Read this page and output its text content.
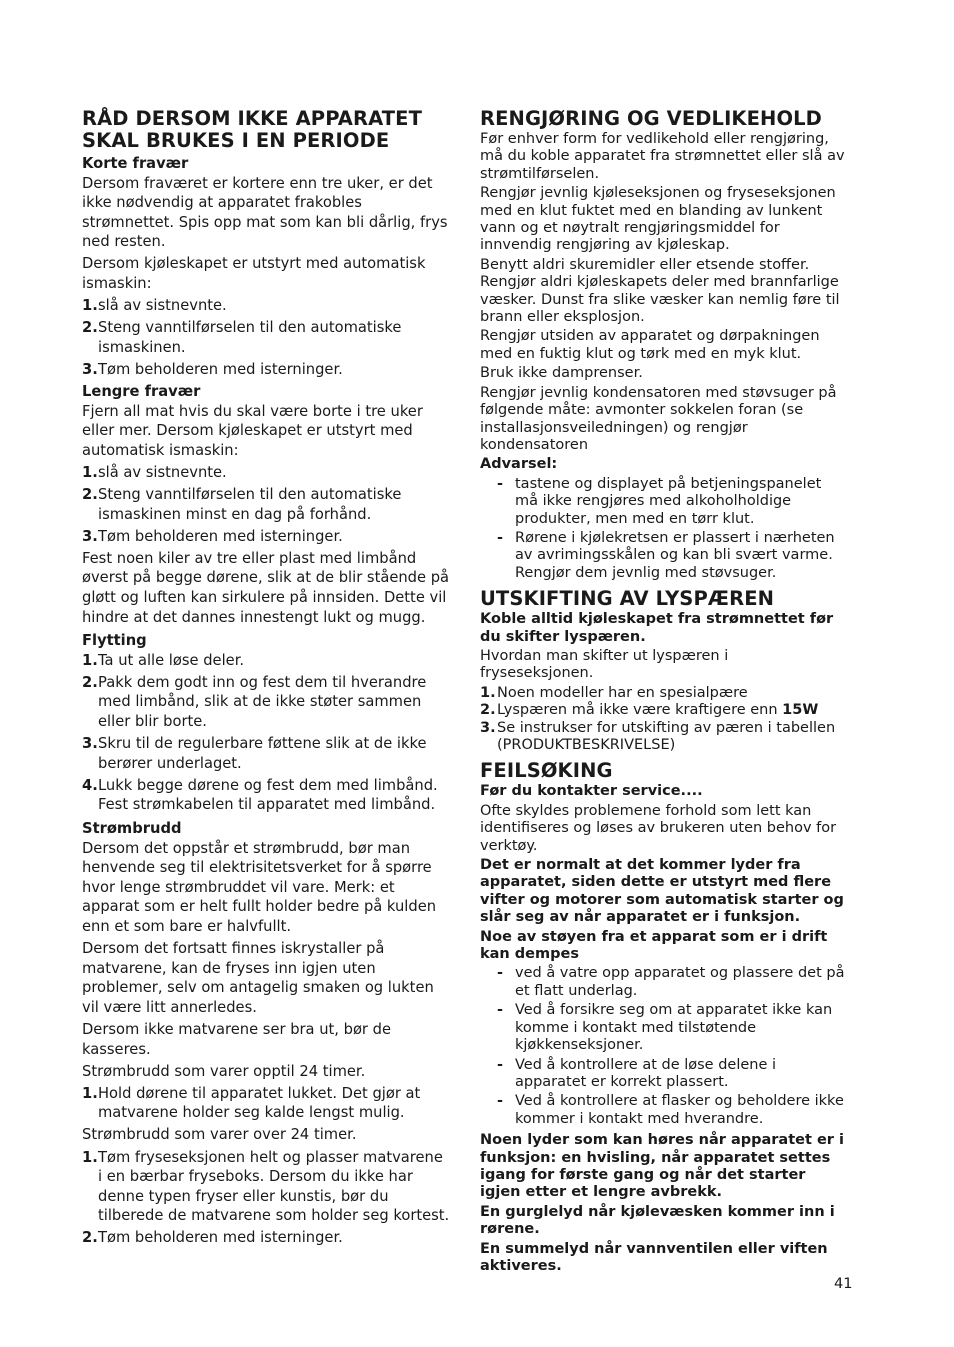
RÅD DERSOM IKKE APPARATET SKAL BRUKES I EN PERIODE

Korte fravær

Dersom fraværet er kortere enn tre uker, er det ikke nødvendig at apparatet frakobles strømnettet. Spis opp mat som kan bli dårlig, frys ned resten.

Dersom kjøleskapet er utstyrt med automatisk ismaskin:

1. slå av sistnevnte.
2. Steng vanntilførselen til den automatiske ismaskinen.
3. Tøm beholderen med isterninger.

Lengre fravær

Fjern all mat hvis du skal være borte i tre uker eller mer. Dersom kjøleskapet er utstyrt med automatisk ismaskin:

1. slå av sistnevnte.
2. Steng vanntilførselen til den automatiske ismaskinen minst en dag på forhånd.
3. Tøm beholderen med isterninger.

Fest noen kiler av tre eller plast med limbånd øverst på begge dørene, slik at de blir stående på gløtt og luften kan sirkulere på innsiden. Dette vil hindre at det dannes innestengt lukt og mugg.

Flytting

1. Ta ut alle løse deler.
2. Pakk dem godt inn og fest dem til hverandre med limbånd, slik at de ikke støter sammen eller blir borte.
3. Skru til de regulerbare føttene slik at de ikke berører underlaget.
4. Lukk begge dørene og fest dem med limbånd. Fest strømkabelen til apparatet med limbånd.

Strømbrudd

Dersom det oppstår et strømbrudd, bør man henvende seg til elektrisitetsverket for å spørre hvor lenge strømbruddet vil vare. Merk: et apparat som er helt fullt holder bedre på kulden enn et som bare er halvfullt.

Dersom det fortsatt finnes iskrystaller på matvarene, kan de fryses inn igjen uten problemer, selv om antagelig smaken og lukten vil være litt annerledes.

Dersom ikke matvarene ser bra ut, bør de kasseres.

Strømbrudd som varer opptil 24 timer.

1. Hold dørene til apparatet lukket. Det gjør at matvarene holder seg kalde lengst mulig.

Strømbrudd som varer over 24 timer.

1. Tøm fryseseksjonen helt og plasser matvarene i en bærbar fryseboks. Dersom du ikke har denne typen fryser eller kunstis, bør du tilberede de matvarene som holder seg kortest.
2. Tøm beholderen med isterninger.
RENGJØRING OG VEDLIKEHOLD

Før enhver form for vedlikehold eller rengjøring, må du koble apparatet fra strømnettet eller slå av strømtilførselen.

Rengjør jevnlig kjøleseksjonen og fryseseksjonen med en klut fuktet med en blanding av lunkent vann og et nøytralt rengjøringsmiddel for innvendig rengjøring av kjøleskap.

Benytt aldri skuremidler eller etsende stoffer. Rengjør aldri kjøleskapets deler med brannfarlige væsker. Dunst fra slike væsker kan nemlig føre til brann eller eksplosjon.

Rengjør utsiden av apparatet og dørpakningen med en fuktig klut og tørk med en myk klut.

Bruk ikke damprenser.

Rengjør jevnlig kondensatoren med støvsuger på følgende måte: avmonter sokkelen foran (se installasjonsveiledningen) og rengjør kondensatoren

Advarsel:

- tastene og displayet på betjeningspanelet må ikke rengjøres med alkoholholdige produkter, men med en tørr klut.
- Rørene i kjølekretsen er plassert i nærheten av avrimingsskålen og kan bli svært varme. Rengjør dem jevnlig med støvsuger.
UTSKIFTING AV LYSPÆREN

Koble alltid kjøleskapet fra strømnettet før du skifter lyspæren.

Hvordan man skifter ut lyspæren i fryseseksjonen.

1. Noen modeller har en spesialpære
2. Lyspæren må ikke være kraftigere enn 15W
3. Se instrukser for utskifting av pæren i tabellen (PRODUKTBESKRIVELSE)
FEILSØKING

Før du kontakter service....

Ofte skyldes problemene forhold som lett kan identifiseres og løses av brukeren uten behov for verktøy.

Det er normalt at det kommer lyder fra apparatet, siden dette er utstyrt med flere vifter og motorer som automatisk starter og slår seg av når apparatet er i funksjon.

Noe av støyen fra et apparat som er i drift kan dempes

- ved å vatre opp apparatet og plassere det på et flatt underlag.
- Ved å forsikre seg om at apparatet ikke kan komme i kontakt med tilstøtende kjøkkenseksjoner.
- Ved å kontrollere at de løse delene i apparatet er korrekt plassert.
- Ved å kontrollere at flasker og beholdere ikke kommer i kontakt med hverandre.

Noen lyder som kan høres når apparatet er i funksjon: en hvisling, når apparatet settes igang for første gang og når det starter igjen etter et lengre avbrekk.

En gurglelyd når kjølevæsken kommer inn i rørene.

En summelyd når vannventilen eller viften aktiveres.

41
